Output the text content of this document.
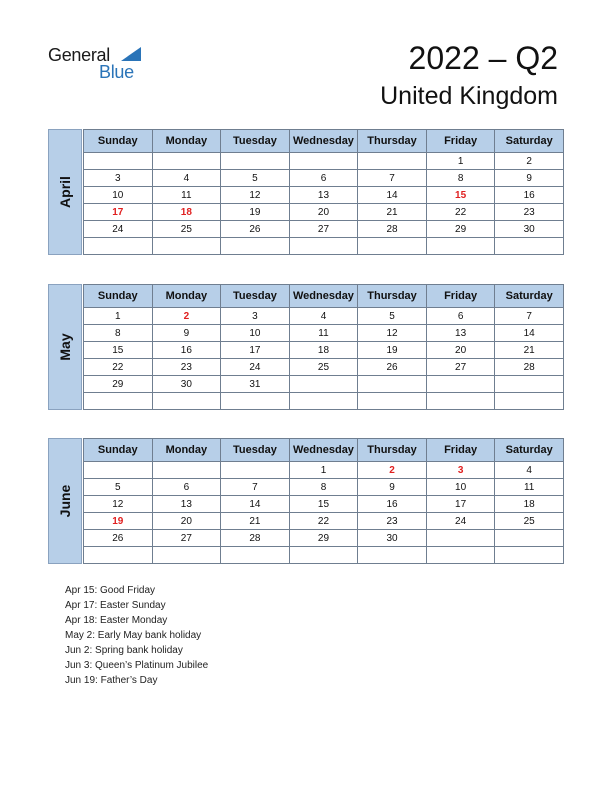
General
Blue	2022 – Q2
United Kingdom
April
Sunday	Monday	Tuesday	Wednesday	Thursday	Friday	Saturday
					1	2
3	4	5	6	7	8	9
10	11	12	13	14	15	16
17	18	19	20	21	22	23
24	25	26	27	28	29	30

May
Sunday	Monday	Tuesday	Wednesday	Thursday	Friday	Saturday
1	2	3	4	5	6	7
8	9	10	11	12	13	14
15	16	17	18	19	20	21
22	23	24	25	26	27	28
29	30	31				

June
Sunday	Monday	Tuesday	Wednesday	Thursday	Friday	Saturday
			1	2	3	4
5	6	7	8	9	10	11
12	13	14	15	16	17	18
19	20	21	22	23	24	25
26	27	28	29	30		

Apr 15: Good Friday
Apr 17: Easter Sunday
Apr 18: Easter Monday
May 2: Early May bank holiday
Jun 2: Spring bank holiday
Jun 3: Queen’s Platinum Jubilee
Jun 19: Father’s Day
